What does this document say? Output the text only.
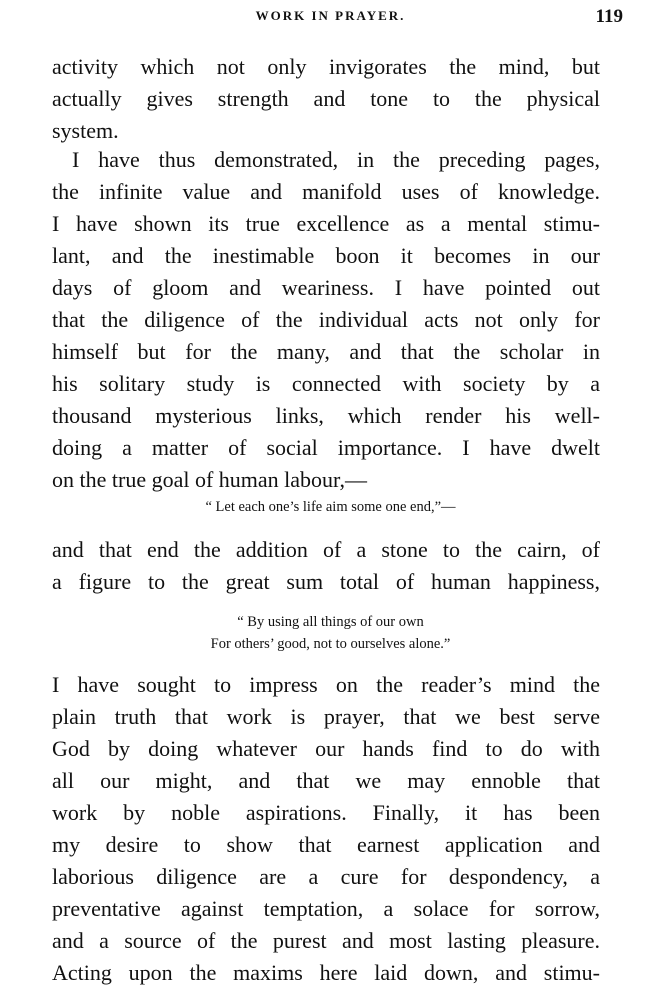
WORK IN PRAYER.	119
activity which not only invigorates the mind, but
actually gives strength and tone to the physical
system.
I have thus demonstrated, in the preceding pages,
the infinite value and manifold uses of knowledge.
I have shown its true excellence as a mental stimu-
lant, and the inestimable boon it becomes in our
days of gloom and weariness. I have pointed out
that the diligence of the individual acts not only for
himself but for the many, and that the scholar in
his solitary study is connected with society by a
thousand mysterious links, which render his well-
doing a matter of social importance. I have dwelt
on the true goal of human labour,—
“ Let each one’s life aim some one end,”—
and that end the addition of a stone to the cairn, of
a figure to the great sum total of human happiness,
“ By using all things of our own
For others’ good, not to ourselves alone.”
I have sought to impress on the reader’s mind the
plain truth that work is prayer, that we best serve
God by doing whatever our hands find to do with
all our might, and that we may ennoble that
work by noble aspirations. Finally, it has been
my desire to show that earnest application and
laborious diligence are a cure for despondency, a
preventative against temptation, a solace for sorrow,
and a source of the purest and most lasting pleasure.
Acting upon the maxims here laid down, and stimu-
